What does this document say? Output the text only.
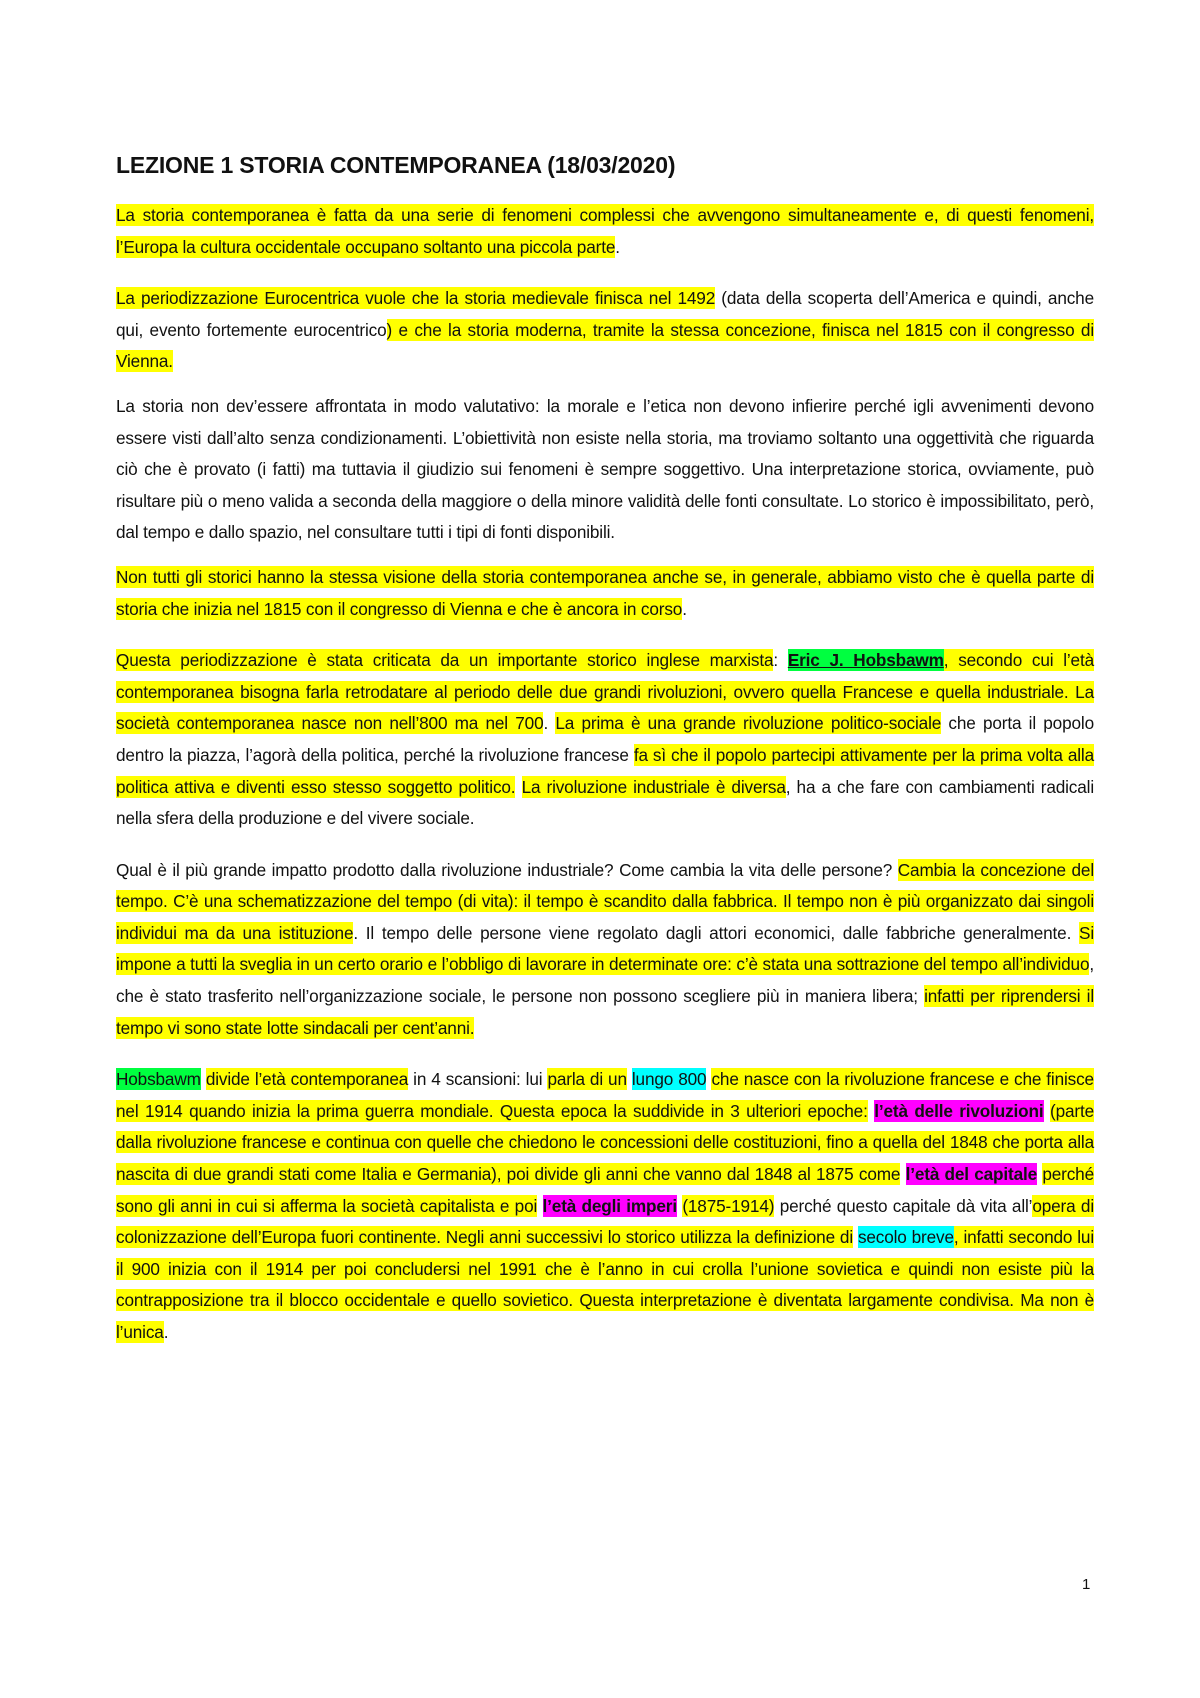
LEZIONE 1 STORIA CONTEMPORANEA (18/03/2020)

La storia contemporanea è fatta da una serie di fenomeni complessi che avvengono simultaneamente e, di questi fenomeni, l’Europa la cultura occidentale occupano soltanto una piccola parte.

La periodizzazione Eurocentrica vuole che la storia medievale finisca nel 1492 (data della scoperta dell’America e quindi, anche qui, evento fortemente eurocentrico) e che la storia moderna, tramite la stessa concezione, finisca nel 1815 con il congresso di Vienna.

La storia non dev’essere affrontata in modo valutativo: la morale e l’etica non devono infierire perché igli avvenimenti devono essere visti dall’alto senza condizionamenti. L’obiettività non esiste nella storia, ma troviamo soltanto una oggettività che riguarda ciò che è provato (i fatti) ma tuttavia il giudizio sui fenomeni è sempre soggettivo. Una interpretazione storica, ovviamente, può risultare più o meno valida a seconda della maggiore o della minore validità delle fonti consultate. Lo storico è impossibilitato, però, dal tempo e dallo spazio, nel consultare tutti i tipi di fonti disponibili.

Non tutti gli storici hanno la stessa visione della storia contemporanea anche se, in generale, abbiamo visto che è quella parte di storia che inizia nel 1815 con il congresso di Vienna e che è ancora in corso.

Questa periodizzazione è stata criticata da un importante storico inglese marxista: Eric J. Hobsbawm, secondo cui l’età contemporanea bisogna farla retrodatare al periodo delle due grandi rivoluzioni, ovvero quella Francese e quella industriale. La società contemporanea nasce non nell’800 ma nel 700. La prima è una grande rivoluzione politico-sociale che porta il popolo dentro la piazza, l’agorà della politica, perché la rivoluzione francese fa sì che il popolo partecipi attivamente per la prima volta alla politica attiva e diventi esso stesso soggetto politico. La rivoluzione industriale è diversa, ha a che fare con cambiamenti radicali nella sfera della produzione e del vivere sociale.

Qual è il più grande impatto prodotto dalla rivoluzione industriale? Come cambia la vita delle persone? Cambia la concezione del tempo. C’è una schematizzazione del tempo (di vita): il tempo è scandito dalla fabbrica. Il tempo non è più organizzato dai singoli individui ma da una istituzione. Il tempo delle persone viene regolato dagli attori economici, dalle fabbriche generalmente. Si impone a tutti la sveglia in un certo orario e l’obbligo di lavorare in determinate ore: c’è stata una sottrazione del tempo all’individuo, che è stato trasferito nell’organizzazione sociale, le persone non possono scegliere più in maniera libera; infatti per riprendersi il tempo vi sono state lotte sindacali per cent’anni.

Hobsbawm divide l’età contemporanea in 4 scansioni: lui parla di un lungo 800 che nasce con la rivoluzione francese e che finisce nel 1914 quando inizia la prima guerra mondiale. Questa epoca la suddivide in 3 ulteriori epoche: l’età delle rivoluzioni (parte dalla rivoluzione francese e continua con quelle che chiedono le concessioni delle costituzioni, fino a quella del 1848 che porta alla nascita di due grandi stati come Italia e Germania), poi divide gli anni che vanno dal 1848 al 1875 come l’età del capitale perché sono gli anni in cui si afferma la società capitalista e poi l’età degli imperi (1875-1914) perché questo capitale dà vita all’opera di colonizzazione dell’Europa fuori continente. Negli anni successivi lo storico utilizza la definizione di secolo breve, infatti secondo lui il 900 inizia con il 1914 per poi concludersi nel 1991 che è l’anno in cui crolla l’unione sovietica e quindi non esiste più la contrapposizione tra il blocco occidentale e quello sovietico. Questa interpretazione è diventata largamente condivisa. Ma non è l’unica.

1
